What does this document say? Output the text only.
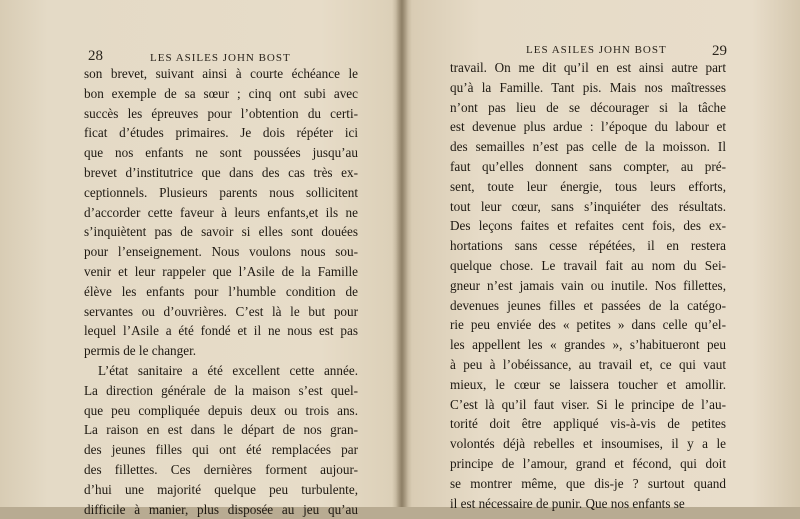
28	LES ASILES JOHN BOST
son brevet, suivant ainsi à courte échéance le
bon exemple de sa sœur ; cinq ont subi avec
succès les épreuves pour l’obtention du certi-
ficat d’études primaires. Je dois répéter ici
que nos enfants ne sont poussées jusqu’au
brevet d’institutrice que dans des cas très ex-
ceptionnels. Plusieurs parents nous sollicitent
d’accorder cette faveur à leurs enfants,et ils ne
s’inquiètent pas de savoir si elles sont douées
pour l’enseignement. Nous voulons nous sou-
venir et leur rappeler que l’Asile de la Famille
élève les enfants pour l’humble condition de
servantes ou d’ouvrières. C’est là le but pour
lequel l’Asile a été fondé et il ne nous est pas
permis de le changer.
L’état sanitaire a été excellent cette année.
La direction générale de la maison s’est quel-
que peu compliquée depuis deux ou trois ans.
La raison en est dans le départ de nos gran-
des jeunes filles qui ont été remplacées par
des fillettes. Ces dernières forment aujour-
d’hui une majorité quelque peu turbulente,
difficile à manier, plus disposée au jeu qu’au
LES ASILES JOHN BOST	29
travail. On me dit qu’il en est ainsi autre part
qu’à la Famille. Tant pis. Mais nos maîtresses
n’ont pas lieu de se décourager si la tâche
est devenue plus ardue : l’époque du labour et
des semailles n’est pas celle de la moisson. Il
faut qu’elles donnent sans compter, au pré-
sent, toute leur énergie, tous leurs efforts,
tout leur cœur, sans s’inquiéter des résultats.
Des leçons faites et refaites cent fois, des ex-
hortations sans cesse répétées, il en restera
quelque chose. Le travail fait au nom du Sei-
gneur n’est jamais vain ou inutile. Nos fillettes,
devenues jeunes filles et passées de la catégo-
rie peu enviée des « petites » dans celle qu’el-
les appellent les « grandes », s’habitueront peu
à peu à l’obéissance, au travail et, ce qui vaut
mieux, le cœur se laissera toucher et amollir.
C’est là qu’il faut viser. Si le principe de l’au-
torité doit être appliqué vis-à-vis de petites
volontés déjà rebelles et insoumises, il y a le
principe de l’amour, grand et fécond, qui doit
se montrer même, que dis-je ? surtout quand
il est nécessaire de punir. Que nos enfants se
